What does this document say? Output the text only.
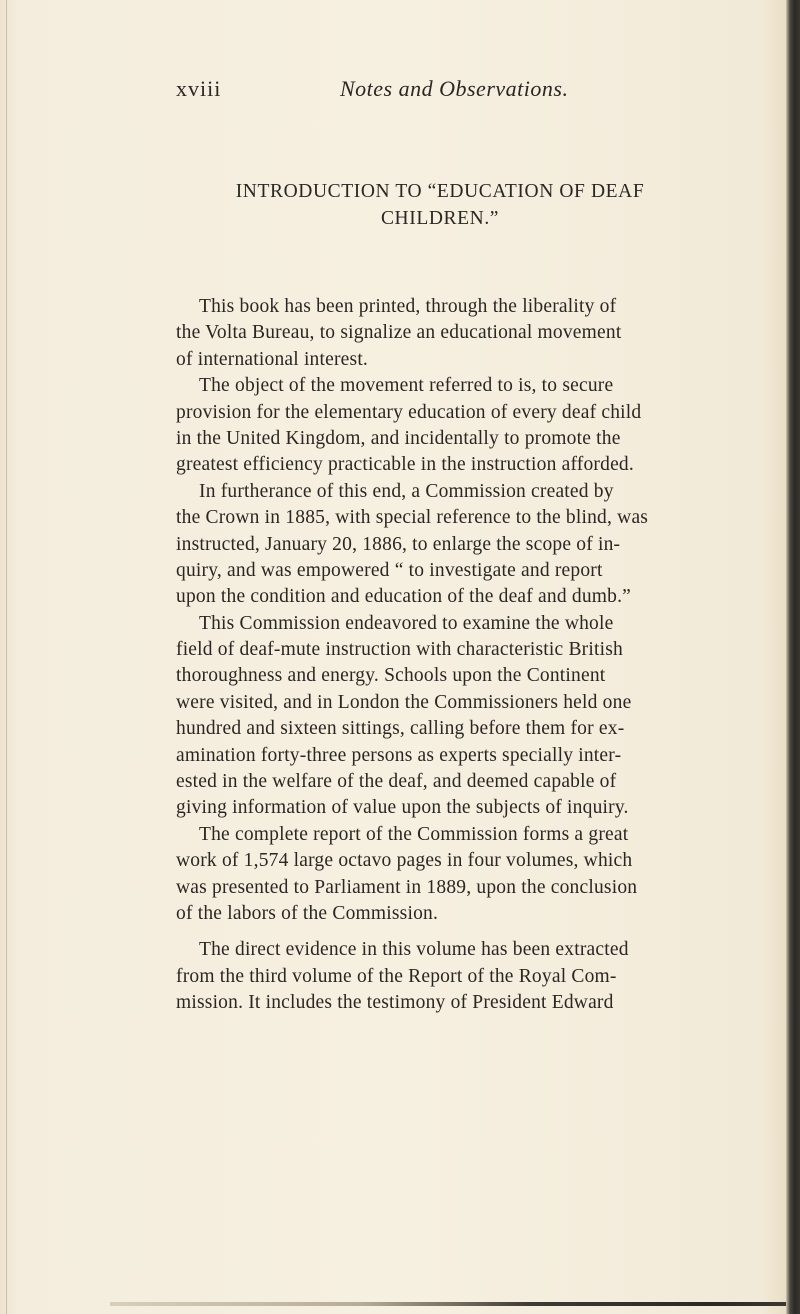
xviii	Notes and Observations.
INTRODUCTION TO “EDUCATION OF DEAF
CHILDREN.”
This book has been printed, through the liberality of
the Volta Bureau, to signalize an educational movement
of international interest.
The object of the movement referred to is, to secure
provision for the elementary education of every deaf child
in the United Kingdom, and incidentally to promote the
greatest efficiency practicable in the instruction afforded.
In furtherance of this end, a Commission created by
the Crown in 1885, with special reference to the blind, was
instructed, January 20, 1886, to enlarge the scope of in-
quiry, and was empowered “ to investigate and report
upon the condition and education of the deaf and dumb.”
This Commission endeavored to examine the whole
field of deaf-mute instruction with characteristic British
thoroughness and energy. Schools upon the Continent
were visited, and in London the Commissioners held one
hundred and sixteen sittings, calling before them for ex-
amination forty-three persons as experts specially inter-
ested in the welfare of the deaf, and deemed capable of
giving information of value upon the subjects of inquiry.
The complete report of the Commission forms a great
work of 1,574 large octavo pages in four volumes, which
was presented to Parliament in 1889, upon the conclusion
of the labors of the Commission.
The direct evidence in this volume has been extracted
from the third volume of the Report of the Royal Com-
mission. It includes the testimony of President Edward
